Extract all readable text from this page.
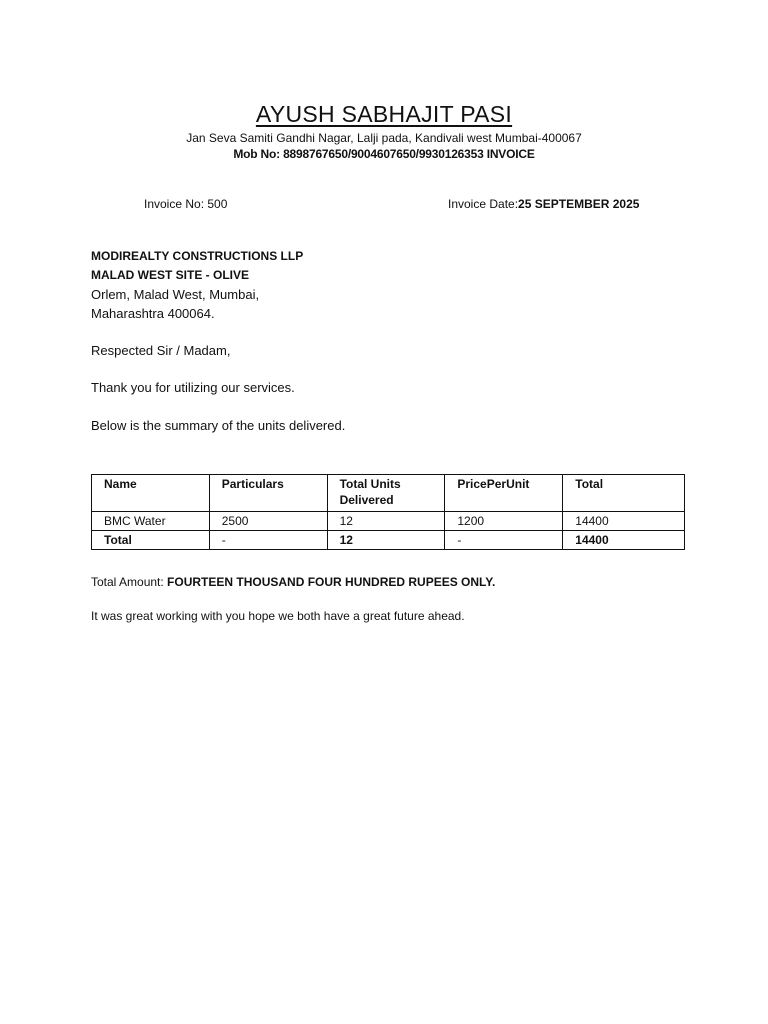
AYUSH SABHAJIT PASI
Jan Seva Samiti Gandhi Nagar, Lalji pada, Kandivali west Mumbai-400067
Mob No: 8898767650/9004607650/9930126353 INVOICE
Invoice No: 500	Invoice Date:25 SEPTEMBER 2025
MODIREALTY CONSTRUCTIONS LLP
MALAD WEST SITE - OLIVE
Orlem, Malad West, Mumbai,
Maharashtra 400064.
Respected Sir / Madam,
Thank you for utilizing our services.
Below is the summary of the units delivered.
Name	Particulars	Total Units Delivered	PricePerUnit	Total
BMC Water	2500	12	1200	14400
Total	-	12	-	14400
Total Amount: FOURTEEN THOUSAND FOUR HUNDRED RUPEES ONLY.
It was great working with you hope we both have a great future ahead.
